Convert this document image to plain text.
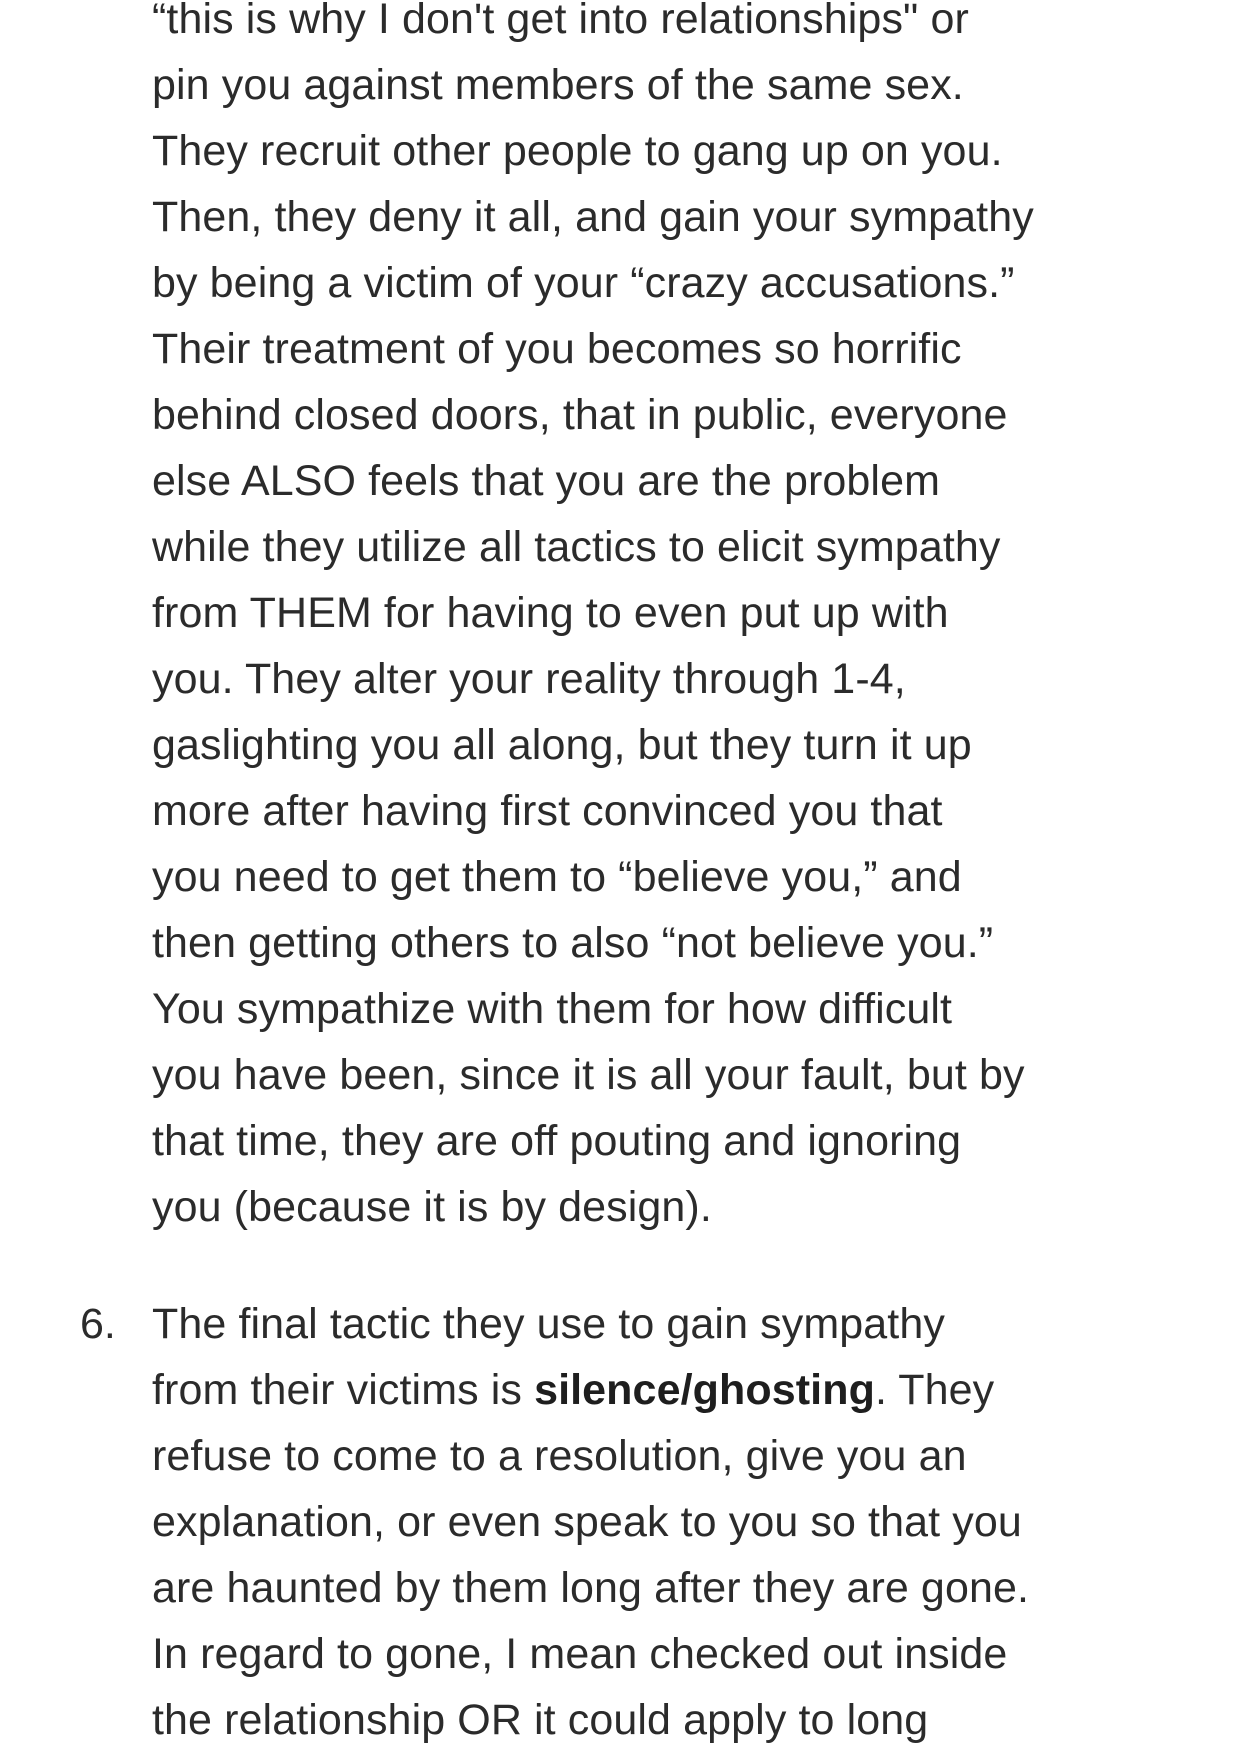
“this is why I don't get into relationships" or
pin you against members of the same sex.
They recruit other people to gang up on you.
Then, they deny it all, and gain your sympathy
by being a victim of your “crazy accusations.”
Their treatment of you becomes so horrific
behind closed doors, that in public, everyone
else ALSO feels that you are the problem
while they utilize all tactics to elicit sympathy
from THEM for having to even put up with
you. They alter your reality through 1-4,
gaslighting you all along, but they turn it up
more after having first convinced you that
you need to get them to “believe you,” and
then getting others to also “not believe you.”
You sympathize with them for how difficult
you have been, since it is all your fault, but by
that time, they are off pouting and ignoring
you (because it is by design).
6. The final tactic they use to gain sympathy
from their victims is silence/ghosting. They
refuse to come to a resolution, give you an
explanation, or even speak to you so that you
are haunted by them long after they are gone.
In regard to gone, I mean checked out inside
the relationship OR it could apply to long
